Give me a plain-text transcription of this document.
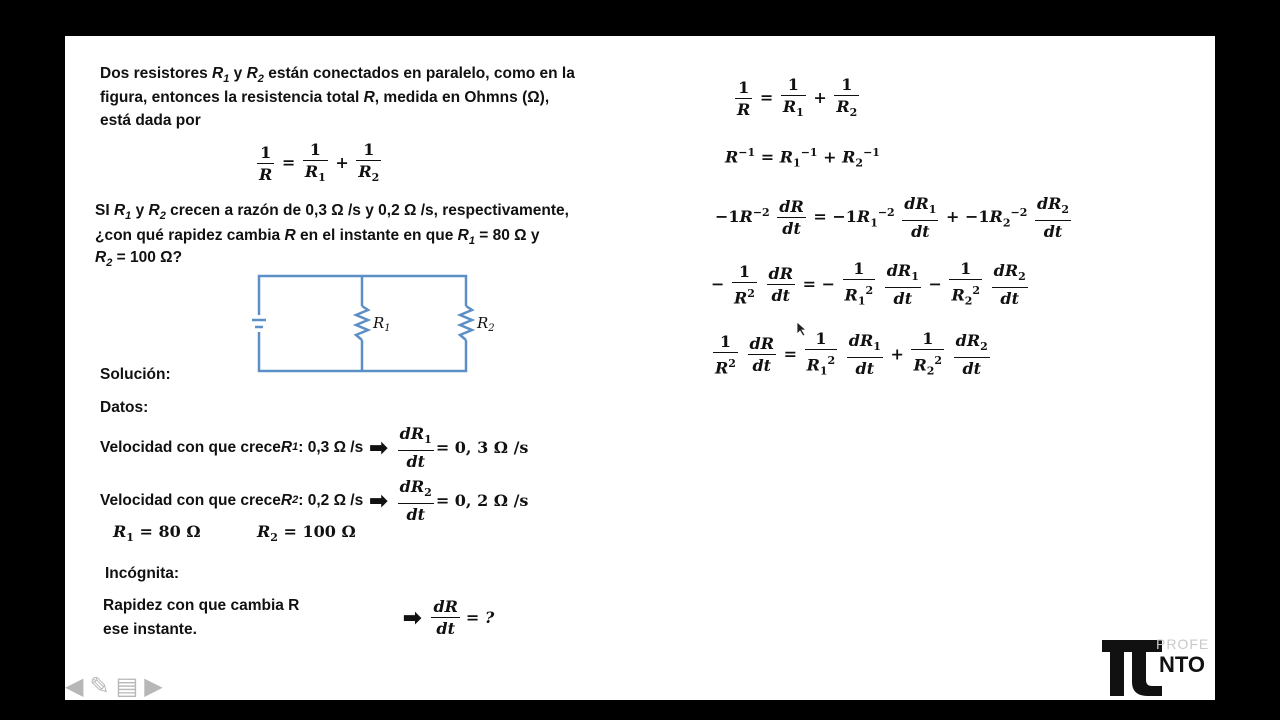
Dos resistores $R_1$ y $R_2$ están conectados en paralelo, como en la
figura, entonces la resistencia total R, medida en Ohmns (Ω),
está dada por
$\frac{1}{R} = \frac{1}{R_1} + \frac{1}{R_2}$
SI $R_1$ y $R_2$ crecen a razón de 0,3 Ω /s y 0,2 Ω /s, respectivamente,
¿con qué rapidez cambia R en el instante en que $R_1 = 80$ Ω y
$R_2 = 100$ Ω?
$R_1$	$R_2$
Solución:
Datos:
Velocidad con que crece R 1 : 0,3 Ω /s ➡ $\frac{dR_1}{dt} = 0$, 3 Ω /s
Velocidad con que crece R 2 : 0,2 Ω /s ➡ $\frac{dR_2}{dt} = 0$, 2 Ω /s
$R_1 = 80$ Ω	$R_2 = 100$ Ω
Incógnita:
Rapidez con que cambia R
ese instante.	➡ $\frac{dR}{dt}$ = ?
$\frac{1}{R} = \frac{1}{R_1} + \frac{1}{R_2}$
$R^{-1} = R_1^{-1} + R_2^{-1}$
$-1R^{-2} \frac{dR}{dt} = -1R_1^{-2} \frac{dR_1}{dt} + -1R_2^{-2} \frac{dR_2}{dt}$
− $\frac{1}{R^2}$
$\frac{dR}{dt}$ = − $\frac{1}{R_1^2}$
$\frac{dR_1}{dt} - \frac{1}{R_2^2}$
$\frac{dR_2}{dt}$
$\frac{1}{R^2}$
$\frac{dR}{dt} = \frac{1}{R_1^2}$
$\frac{dR_1}{dt} + \frac{1}{R_2^2}$
$\frac{dR_2}{dt}$
◀ ✎ ▤ ▶
PROFE
NTO
